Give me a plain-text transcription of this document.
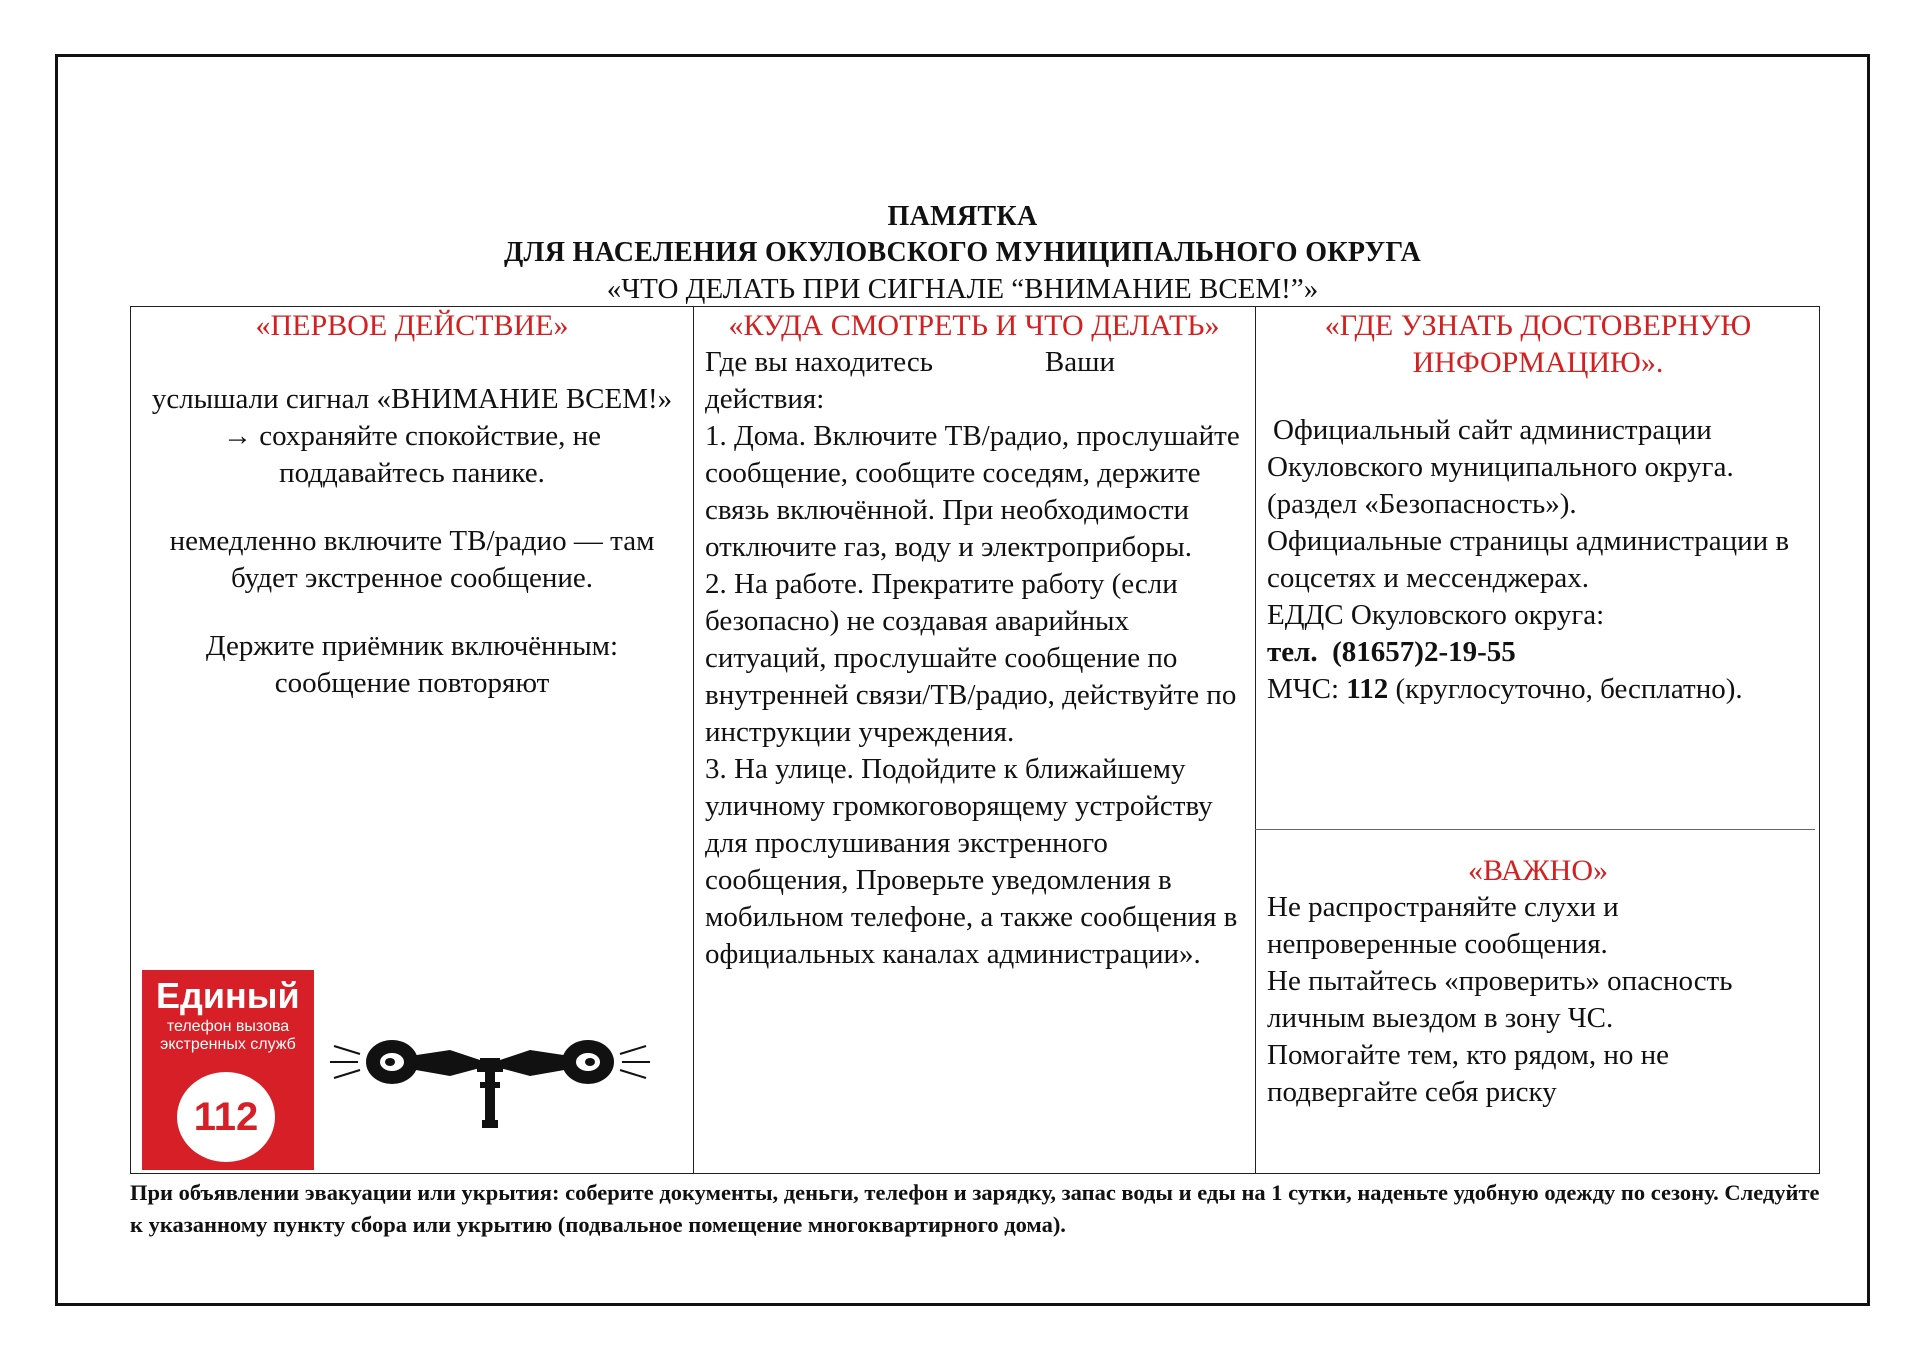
ПАМЯТКА
ДЛЯ НАСЕЛЕНИЯ ОКУЛОВСКОГО МУНИЦИПАЛЬНОГО ОКРУГА
«ЧТО ДЕЛАТЬ ПРИ СИГНАЛЕ “ВНИМАНИЕ ВСЕМ!”»
«ПЕРВОЕ ДЕЙСТВИЕ»

услышали сигнал «ВНИМАНИЕ ВСЕМ!» → сохраняйте спокойствие, не поддавайтесь панике.

немедленно включите ТВ/радио — там будет экстренное сообщение.

Держите приёмник включённым: сообщение повторяют

«КУДА СМОТРЕТЬ И ЧТО ДЕЛАТЬ»
Где вы находитесь	Ваши
действия:
1. Дома. Включите ТВ/радио, прослушайте сообщение, сообщите соседям, держите связь включённой. При необходимости отключите газ, воду и электроприборы.
2. На работе. Прекратите работу (если безопасно) не создавая аварийных ситуаций, прослушайте сообщение по внутренней связи/ТВ/радио, действуйте по инструкции учреждения.
3. На улице. Подойдите к ближайшему уличному громкоговорящему устройству для прослушивания экстренного сообщения, Проверьте уведомления в мобильном телефоне, а также сообщения в официальных каналах администрации».
«ГДЕ УЗНАТЬ ДОСТОВЕРНУЮ ИНФОРМАЦИЮ».
Официальный сайт администрации Окуловского муниципального округа. (раздел «Безопасность»).
Официальные страницы администрации в соцсетях и мессенджерах.
ЕДДС Окуловского округа:
тел. (81657)2-19-55
МЧС: 112 (круглосуточно, бесплатно).
«ВАЖНО»
Не распространяйте слухи и непроверенные сообщения.
Не пытайтесь «проверить» опасность личным выездом в зону ЧС.
Помогайте тем, кто рядом, но не подвергайте себя риску
Единый
телефон вызова
экстренных служб
112
При объявлении эвакуации или укрытия: соберите документы, деньги, телефон и зарядку, запас воды и еды на 1 сутки, наденьте удобную одежду по сезону. Следуйте к указанному пункту сбора или укрытию (подвальное помещение многоквартирного дома).
